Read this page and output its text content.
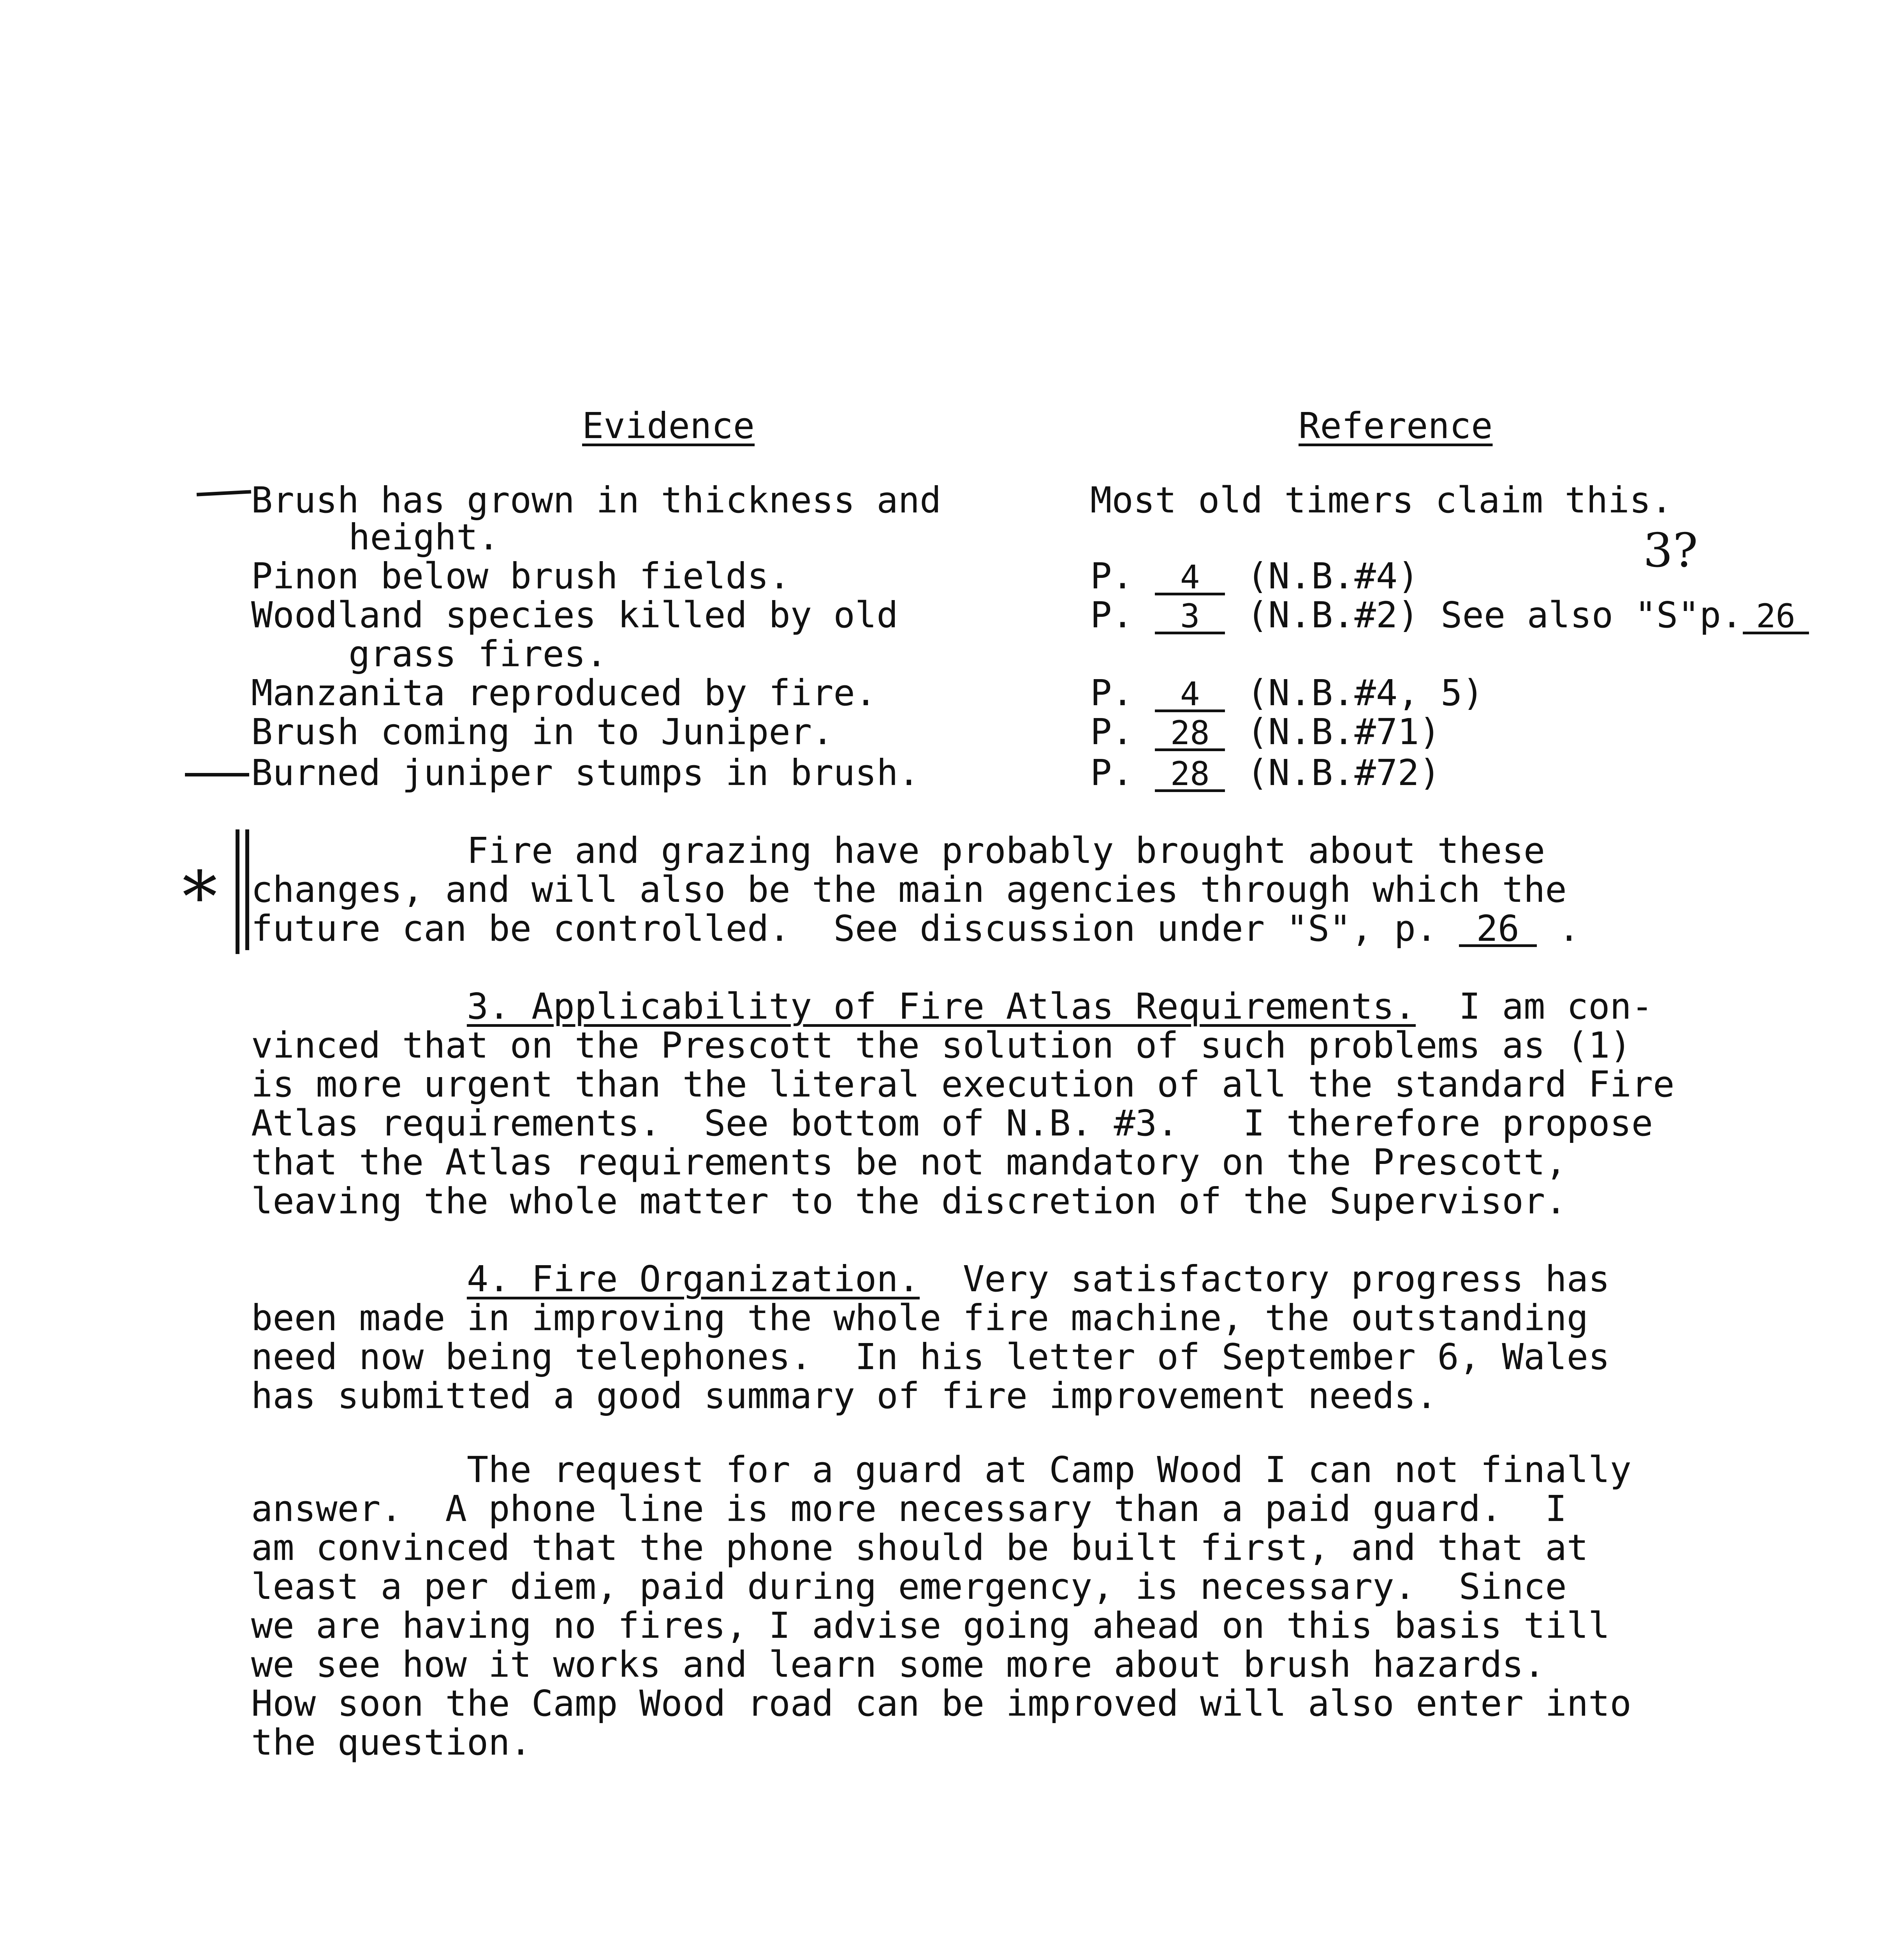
Evidence	Reference
Brush has grown in thickness and
height.
Pinon below brush fields.
Woodland species killed by old
grass fires.
Manzanita reproduced by fire.
Brush coming in to Juniper.
Burned juniper stumps in brush.
Most old timers claim this.
P. 4 (N.B.#4)
P. 3 (N.B.#2) See also "S"p. 26
P. 4 (N.B.#4, 5)
P. 28 (N.B.#71)
P. 28 (N.B.#72)
3?
*
Fire and grazing have probably brought about these
changes, and will also be the main agencies through which the
future can be controlled.  See discussion under "S", p. 26 .
3. Applicability of Fire Atlas Requirements.  I am con-
vinced that on the Prescott the solution of such problems as (1)
is more urgent than the literal execution of all the standard Fire
Atlas requirements.  See bottom of N.B. #3.   I therefore propose
that the Atlas requirements be not mandatory on the Prescott,
leaving the whole matter to the discretion of the Supervisor.
4. Fire Organization.  Very satisfactory progress has
been made in improving the whole fire machine, the outstanding
need now being telephones.  In his letter of September 6, Wales
has submitted a good summary of fire improvement needs.
The request for a guard at Camp Wood I can not finally
answer.  A phone line is more necessary than a paid guard.  I
am convinced that the phone should be built first, and that at
least a per diem, paid during emergency, is necessary.  Since
we are having no fires, I advise going ahead on this basis till
we see how it works and learn some more about brush hazards.
How soon the Camp Wood road can be improved will also enter into
the question.
